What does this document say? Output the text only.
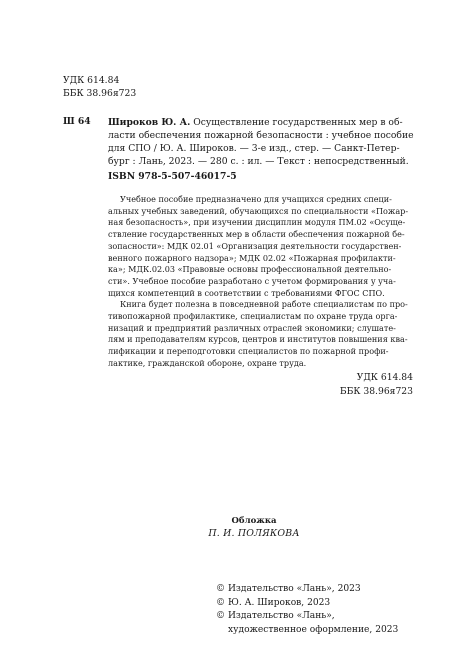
УДК 614.84
ББК 38.96я723
Ш 64 Широков Ю. А. Осуществление государственных мер в об-
ласти обеспечения пожарной безопасности : учебное пособие
для СПО / Ю. А. Широков. — 3-е изд., стер. — Санкт-Петер-
бург : Лань, 2023. — 280 с. : ил. — Текст : непосредственный.
ISBN 978-5-507-46017-5
Учебное пособие предназначено для учащихся средних специ-
альных учебных заведений, обучающихся по специальности «Пожар-
ная безопасность», при изучении дисциплин модуля ПМ.02 «Осуще-
ствление государственных мер в области обеспечения пожарной бе-
зопасности»: МДК 02.01 «Организация деятельности государствен-
венного пожарного надзора»; МДК 02.02 «Пожарная профилакти-
ка»; МДК.02.03 «Правовые основы профессиональной деятельно-
сти». Учебное пособие разработано с учетом формирования у уча-
щихся компетенций в соответствии с требованиями ФГОС СПО.
Книга будет полезна в повседневной работе специалистам по про-
тивопожарной профилактике, специалистам по охране труда орга-
низаций и предприятий различных отраслей экономики; слушате-
лям и преподавателям курсов, центров и институтов повышения ква-
лификации и переподготовки специалистов по пожарной профи-
лактике, гражданской обороне, охране труда.
УДК 614.84
ББК 38.96я723
Обложка
П. И. ПОЛЯКОВА
© Издательство «Лань», 2023
© Ю. А. Широков, 2023
© Издательство «Лань»,
художественное оформление, 2023
